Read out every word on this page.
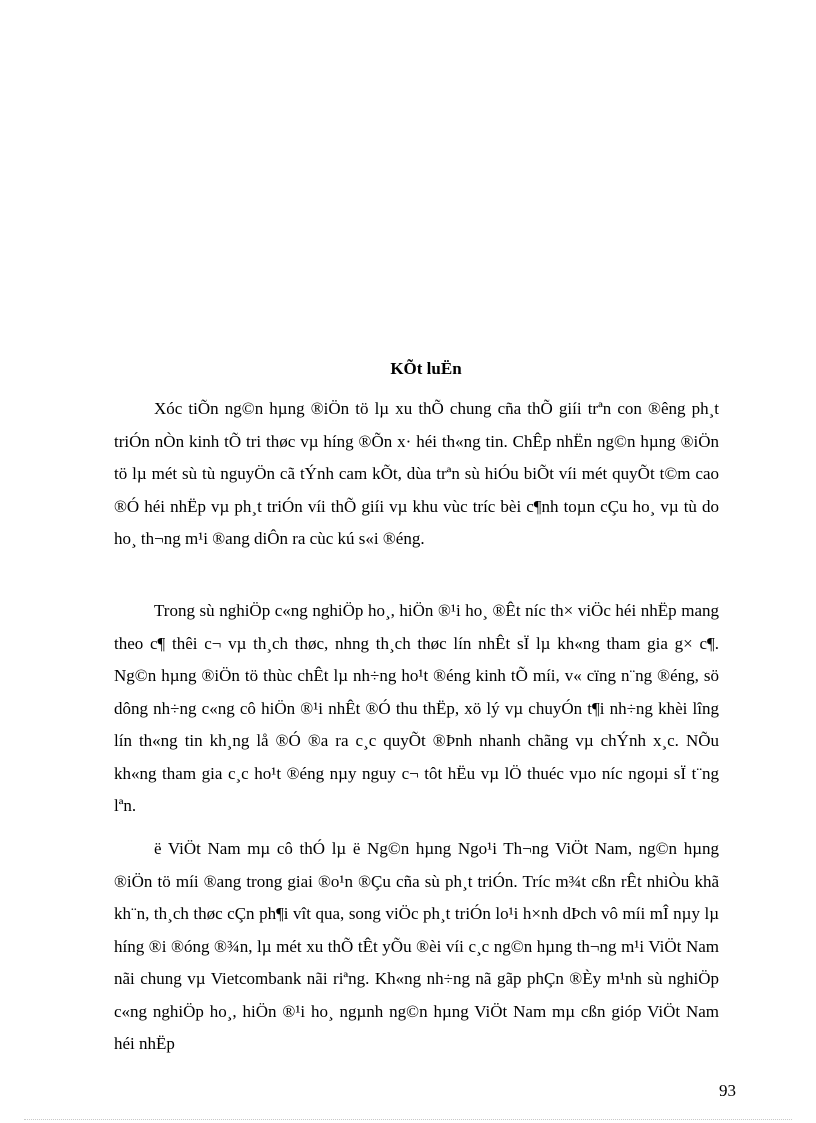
KÕt luËn

Xóc tiÕn ng©n hµng ®iÖn tö lµ xu thÕ chung cña thÕ giíi trªn con ®êng ph¸t triÓn nÒn kinh tÕ tri thøc vµ híng ®Õn x· héi th«ng tin. ChÊp nhËn ng©n hµng ®iÖn tö lµ mét sù tù nguyÖn cã tÝnh cam kÕt, dùa trªn sù hiÓu biÕt víi mét quyÕt t©m cao ®Ó héi nhËp vµ ph¸t triÓn víi thÕ giíi vµ khu vùc tríc bèi c¶nh toµn cÇu ho¸ vµ tù do ho¸ th¬ng m¹i ®ang diÔn ra cùc kú s«i ®éng.

Trong sù nghiÖp c«ng nghiÖp ho¸, hiÖn ®¹i ho¸ ®Êt níc th× viÖc héi nhËp mang theo c¶ thêi c¬ vµ th¸ch thøc, nhng th¸ch thøc lín nhÊt sÏ lµ kh«ng tham gia g× c¶. Ng©n hµng ®iÖn tö thùc chÊt lµ nh÷ng ho¹t ®éng kinh tÕ míi, v« cïng n¨ng ®éng, sö dông nh÷ng c«ng cô hiÖn ®¹i nhÊt ®Ó thu thËp, xö lý vµ chuyÓn t¶i nh÷ng khèi lîng lín th«ng tin kh¸ng lå ®Ó ®a ra c¸c quyÕt ®Þnh nhanh chãng vµ chÝnh x¸c. NÕu kh«ng tham gia c¸c ho¹t ®éng nµy nguy c¬ tôt hËu vµ lÖ thuéc vµo níc ngoµi sÏ t¨ng lªn.

ë ViÖt Nam mµ cô thÓ lµ ë Ng©n hµng Ngo¹i Th¬ng ViÖt Nam, ng©n hµng ®iÖn tö míi ®ang trong giai ®o¹n ®Çu cña sù ph¸t triÓn. Tríc m¾t cßn rÊt nhiÒu khã kh¨n, th¸ch thøc cÇn ph¶i vît qua, song viÖc ph¸t triÓn lo¹i h×nh dÞch vô míi mÎ nµy lµ híng ®i ®óng ®¾n, lµ mét xu thÕ tÊt yÕu ®èi víi c¸c ng©n hµng th¬ng m¹i ViÖt Nam nãi chung vµ Vietcombank nãi riªng. Kh«ng nh÷ng nã gãp phÇn ®Èy m¹nh sù nghiÖp c«ng nghiÖp ho¸, hiÖn ®¹i ho¸ ngµnh ng©n hµng ViÖt Nam mµ cßn gióp ViÖt Nam héi nhËp

93
